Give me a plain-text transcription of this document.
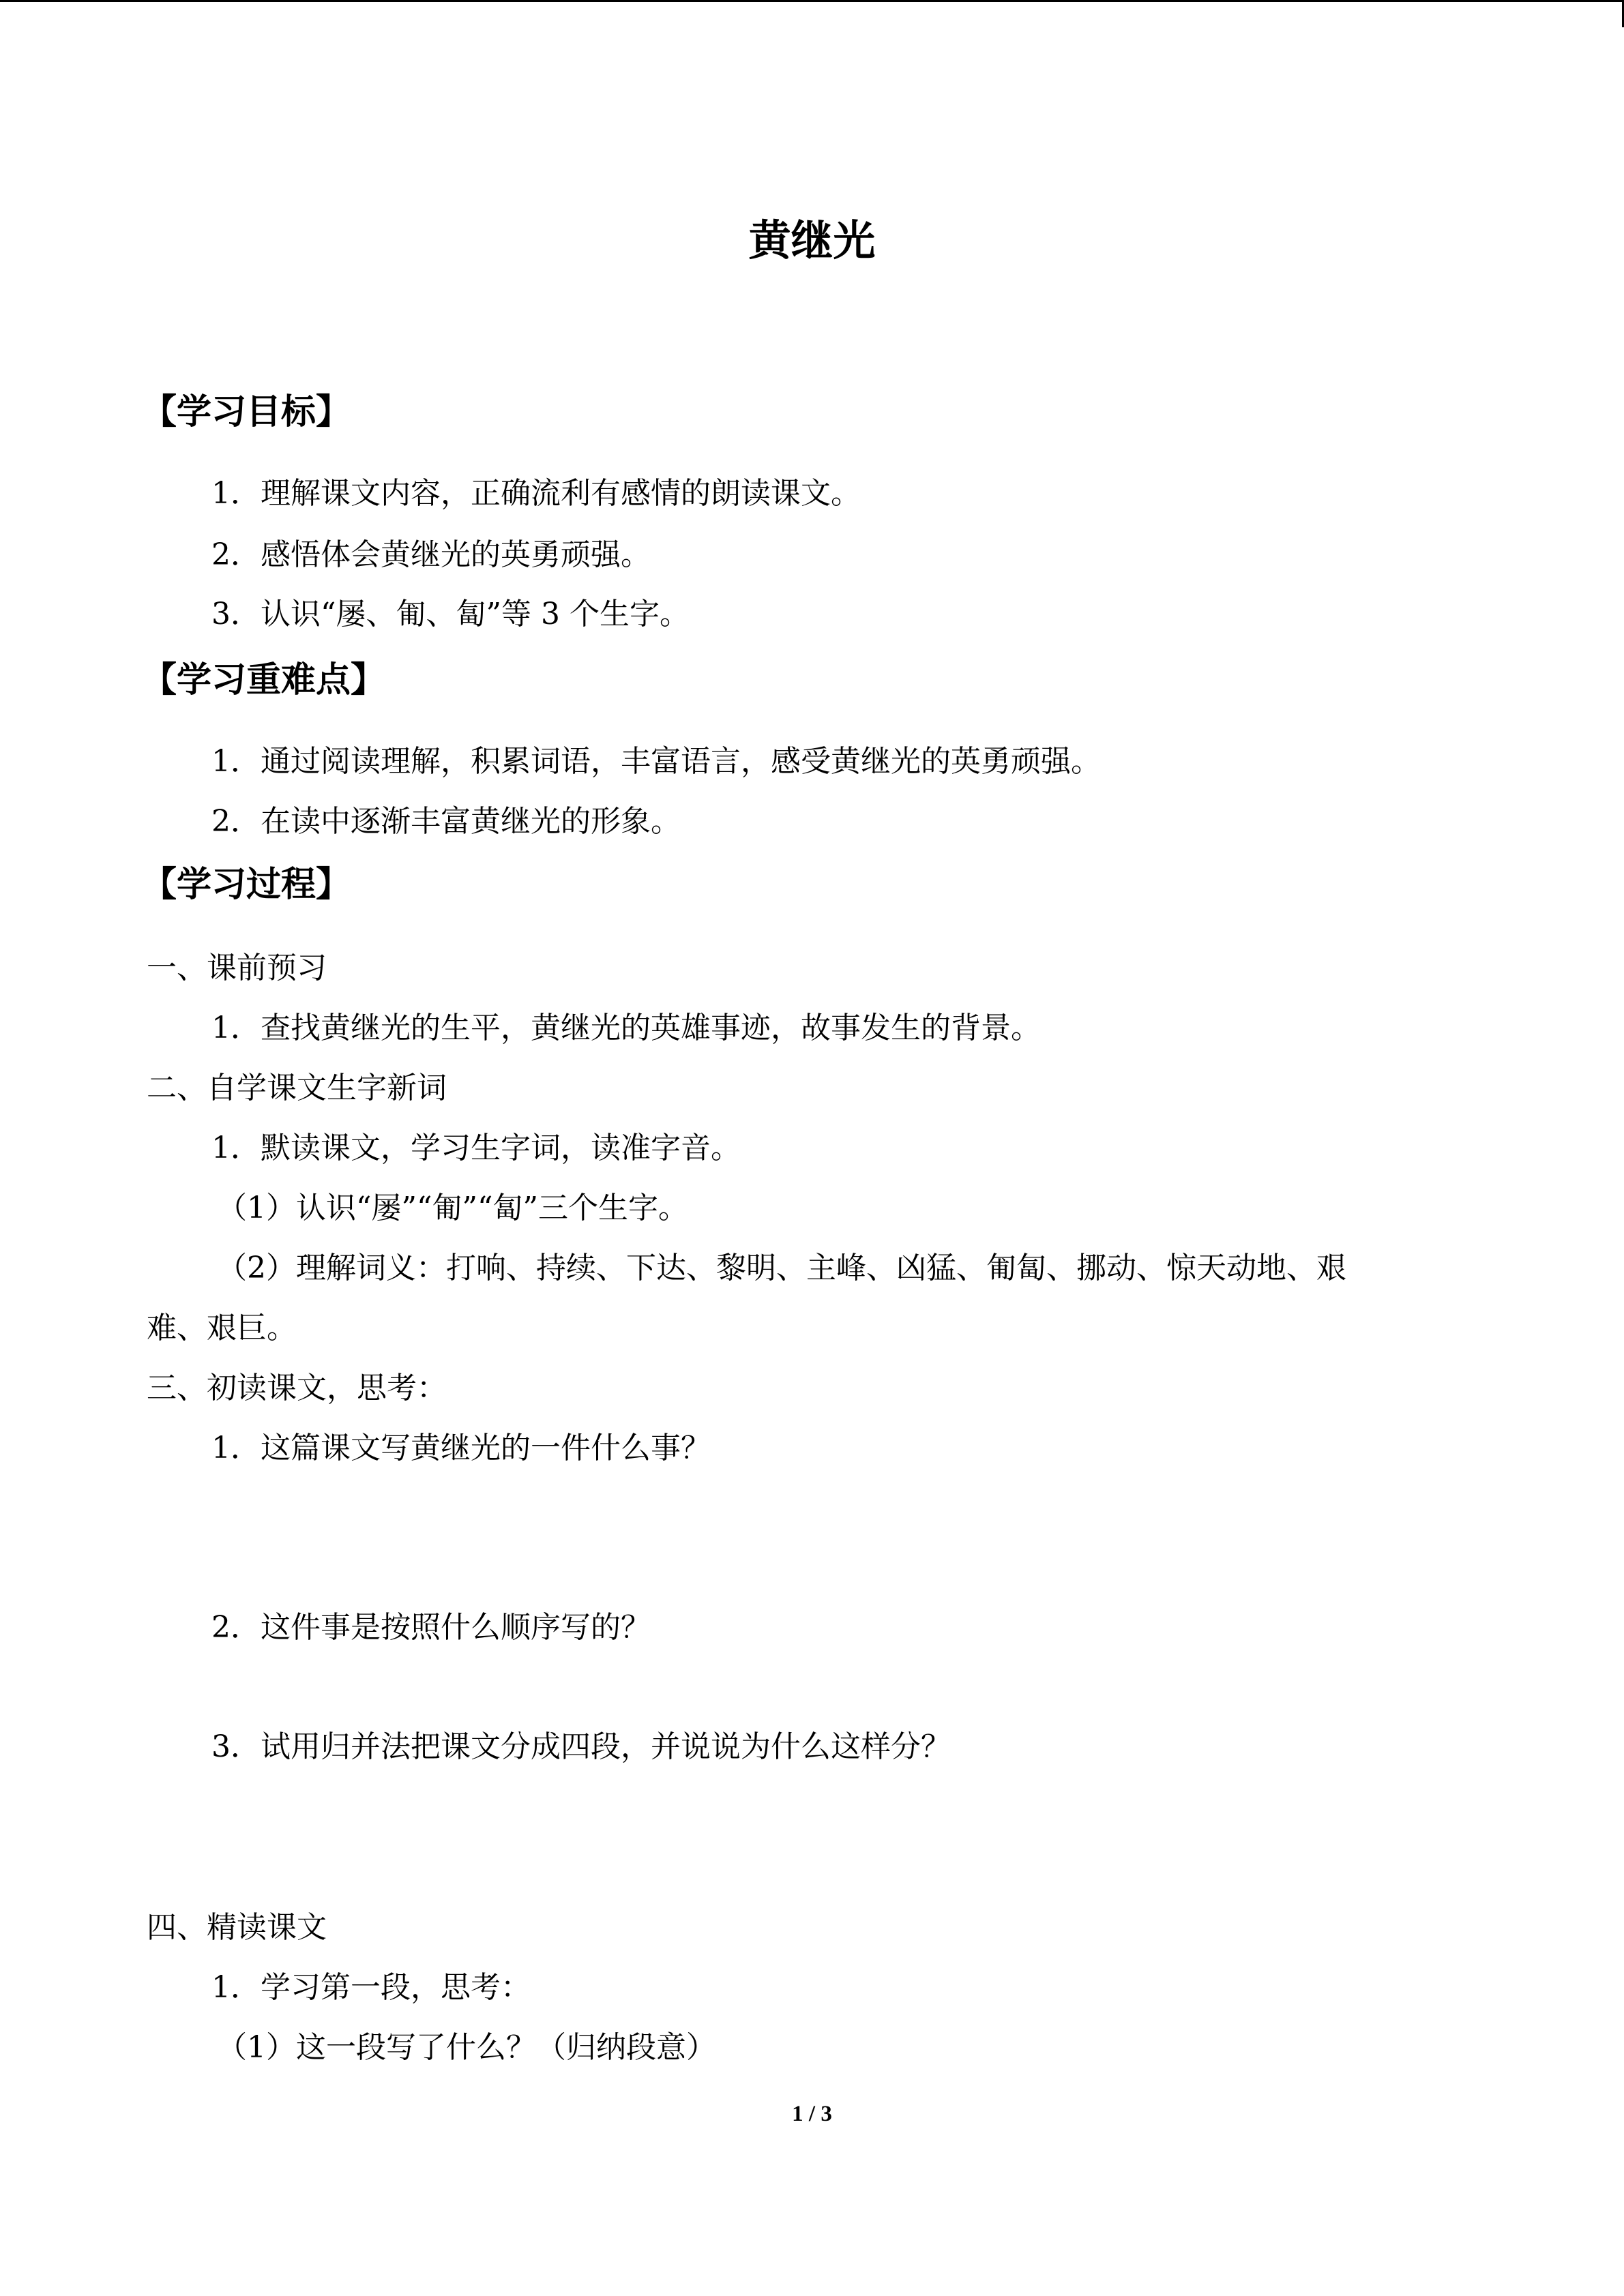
黄继光
【学习目标】
1．理解课文内容，正确流利有感情的朗读课文。
2．感悟体会黄继光的英勇顽强。
3．认识“屡、匍、匐”等 3 个生字。
【学习重难点】
1．通过阅读理解，积累词语，丰富语言，感受黄继光的英勇顽强。
2．在读中逐渐丰富黄继光的形象。
【学习过程】
一、课前预习
1．查找黄继光的生平，黄继光的英雄事迹，故事发生的背景。
二、自学课文生字新词
1．默读课文，学习生字词，读准字音。
（1）认识“屡”“匍”“匐”三个生字。
（2）理解词义：打响、持续、下达、黎明、主峰、凶猛、匍匐、挪动、惊天动地、艰
难、艰巨。
三、初读课文，思考：
1．这篇课文写黄继光的一件什么事？
2．这件事是按照什么顺序写的？
3．试用归并法把课文分成四段，并说说为什么这样分？
四、精读课文
1．学习第一段，思考：
（1）这一段写了什么？（归纳段意）
1 / 3
